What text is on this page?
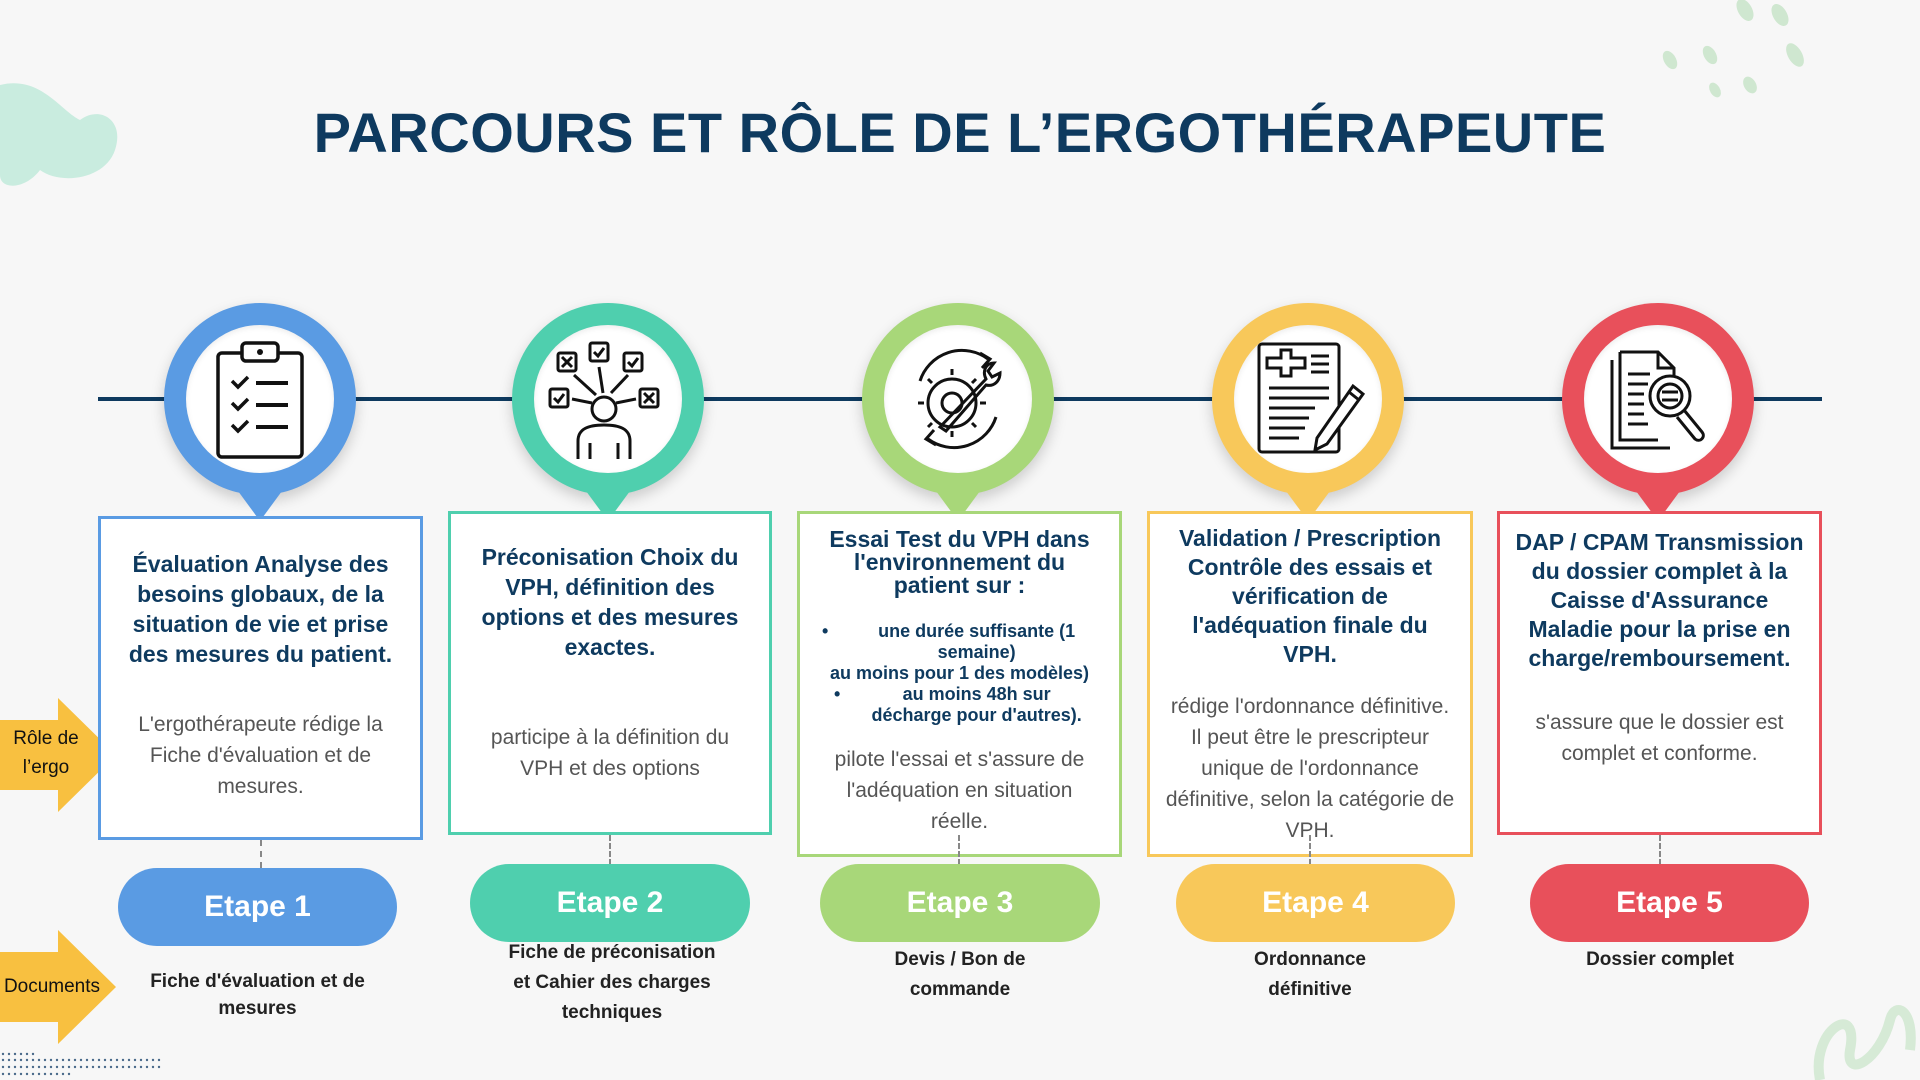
PARCOURS ET RÔLE DE L’ERGOTHÉRAPEUTE
Rôle de l’ergo
Documents
Évaluation Analyse des besoins globaux, de la situation de vie et prise des mesures du patient.
L'ergothérapeute rédige la Fiche d'évaluation et de mesures.
Etape 1
Fiche d'évaluation et de mesures
Préconisation Choix du VPH, définition des options et des mesures exactes.
participe à la définition du VPH et des options
Etape 2
Fiche de préconisation et Cahier des charges techniques
Essai Test du VPH dans l'environnement du patient sur :
•	une durée suffisante (1 semaine)
au moins pour 1 des modèles)
•	au moins 48h sur décharge pour d'autres).
pilote l'essai et s'assure de l'adéquation en situation réelle.
Etape 3
Devis / Bon de commande
Validation / Prescription Contrôle des essais et vérification de l'adéquation finale du VPH.
rédige l'ordonnance définitive. Il peut être le prescripteur unique de l'ordonnance définitive, selon la catégorie de VPH.
Etape 4
Ordonnance définitive
DAP / CPAM Transmission du dossier complet à la Caisse d'Assurance Maladie pour la prise en charge/remboursement.
s'assure que le dossier est complet et conforme.
Etape 5
Dossier complet
